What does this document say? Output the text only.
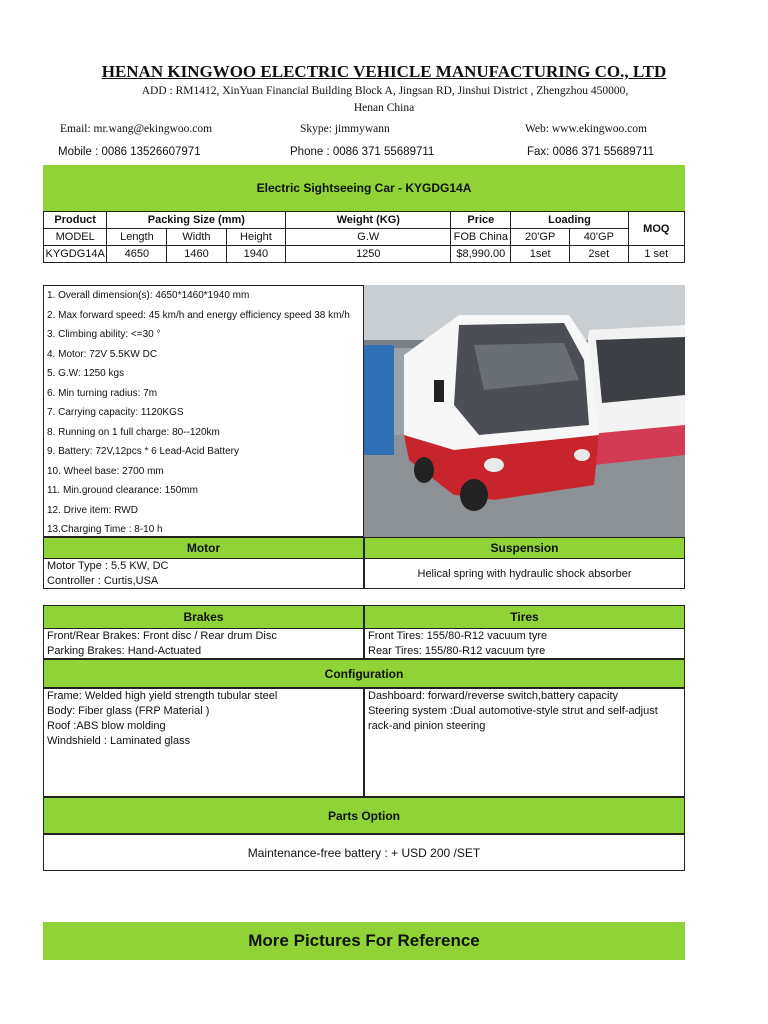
HENAN KINGWOO ELECTRIC VEHICLE MANUFACTURING CO., LTD
ADD : RM1412, XinYuan Financial Building Block A, Jingsan RD, Jinshui District , Zhengzhou 450000,
Henan China
Email: mr.wang@ekingwoo.com	Skype: jimmywann	Web: www.ekingwoo.com
Mobile : 0086 13526607971	Phone : 0086 371 55689711	Fax: 0086 371 55689711
Electric Sightseeing Car - KYGDG14A
Product	Packing Size (mm)			Weight (KG)	Price	Loading		MOQ
MODEL	Length	Width	Height	G.W	FOB China	20'GP	40'GP	
KYGDG14A	4650	1460	1940	1250	$8,990.00	1set	2set	1 set
1. Overall dimension(s): 4650*1460*1940 mm
2. Max forward speed: 45 km/h and energy efficiency speed 38 km/h
3. Climbing ability: <=30 °
4. Motor: 72V 5.5KW DC
5. G.W: 1250 kgs
6. Min turning radius: 7m
7. Carrying capacity: 1120KGS
8. Running on 1 full charge: 80--120km
9. Battery: 72V,12pcs * 6 Lead-Acid Battery
10. Wheel base: 2700 mm
11. Min.ground clearance: 150mm
12. Drive item: RWD
13.Charging Time : 8-10 h
Motor
Motor Type : 5.5 KW, DC
Controller : Curtis,USA
Suspension
Helical spring with hydraulic shock absorber
Brakes
Front/Rear Brakes: Front disc / Rear drum Disc
Parking Brakes: Hand-Actuated
Tires
Front Tires: 155/80-R12 vacuum tyre
Rear Tires: 155/80-R12 vacuum tyre
Configuration
Frame: Welded high yield strength tubular steel
Body: Fiber glass (FRP Material )
Roof :ABS blow molding
Windshield : Laminated glass
Dashboard: forward/reverse switch,battery capacity
Steering system :Dual automotive-style strut and self-adjust
rack-and pinion steering
Parts Option
Maintenance-free battery : + USD 200 /SET
More Pictures For Reference
